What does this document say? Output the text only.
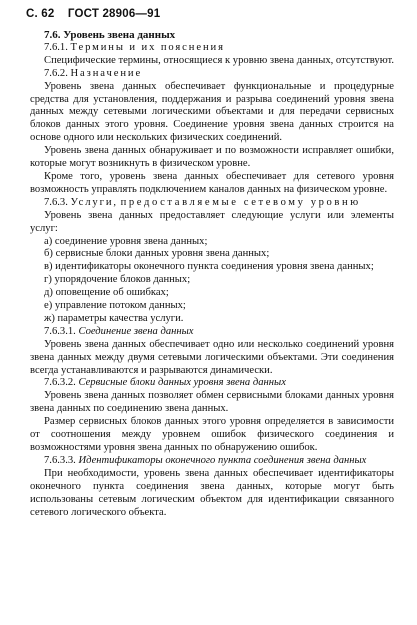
С. 62 ГОСТ 28906—91

7.6. Уровень звена данных

7.6.1. Термины и их пояснения

Специфические термины, относящиеся к уровню звена данных, отсутствуют.

7.6.2. Назначение

Уровень звена данных обеспечивает функциональные и процедурные средства для установления, поддержания и разрыва соединений уровня звена данных между сетевыми логическими объектами и для передачи сервисных блоков данных этого уровня. Соединение уровня звена данных строится на основе одного или нескольких физических соединений.

Уровень звена данных обнаруживает и по возможности исправляет ошибки, которые могут возникнуть в физическом уровне.

Кроме того, уровень звена данных обеспечивает для сетевого уровня возможность управлять подключением каналов данных на физическом уровне.

7.6.3. Услуги, предоставляемые сетевому уровню

Уровень звена данных предоставляет следующие услуги или элементы услуг:

а) соединение уровня звена данных;

б) сервисные блоки данных уровня звена данных;

в) идентификаторы оконечного пункта соединения уровня звена данных;

г) упорядочение блоков данных;

д) оповещение об ошибках;

е) управление потоком данных;

ж) параметры качества услуги.

7.6.3.1. Соединение звена данных

Уровень звена данных обеспечивает одно или несколько соединений уровня звена данных между двумя сетевыми логическими объектами. Эти соединения всегда устанавливаются и разрываются динамически.

7.6.3.2. Сервисные блоки данных уровня звена данных

Уровень звена данных позволяет обмен сервисными блоками данных уровня звена данных по соединению звена данных.

Размер сервисных блоков данных этого уровня определяется в зависимости от соотношения между уровнем ошибок физического соединения и возможностями уровня звена данных по обнаружению ошибок.

7.6.3.3. Идентификаторы оконечного пункта соединения звена данных

При необходимости, уровень звена данных обеспечивает идентификаторы оконечного пункта соединения звена данных, которые могут быть использованы сетевым логическим объектом для идентификации связанного сетевого логического объекта.
